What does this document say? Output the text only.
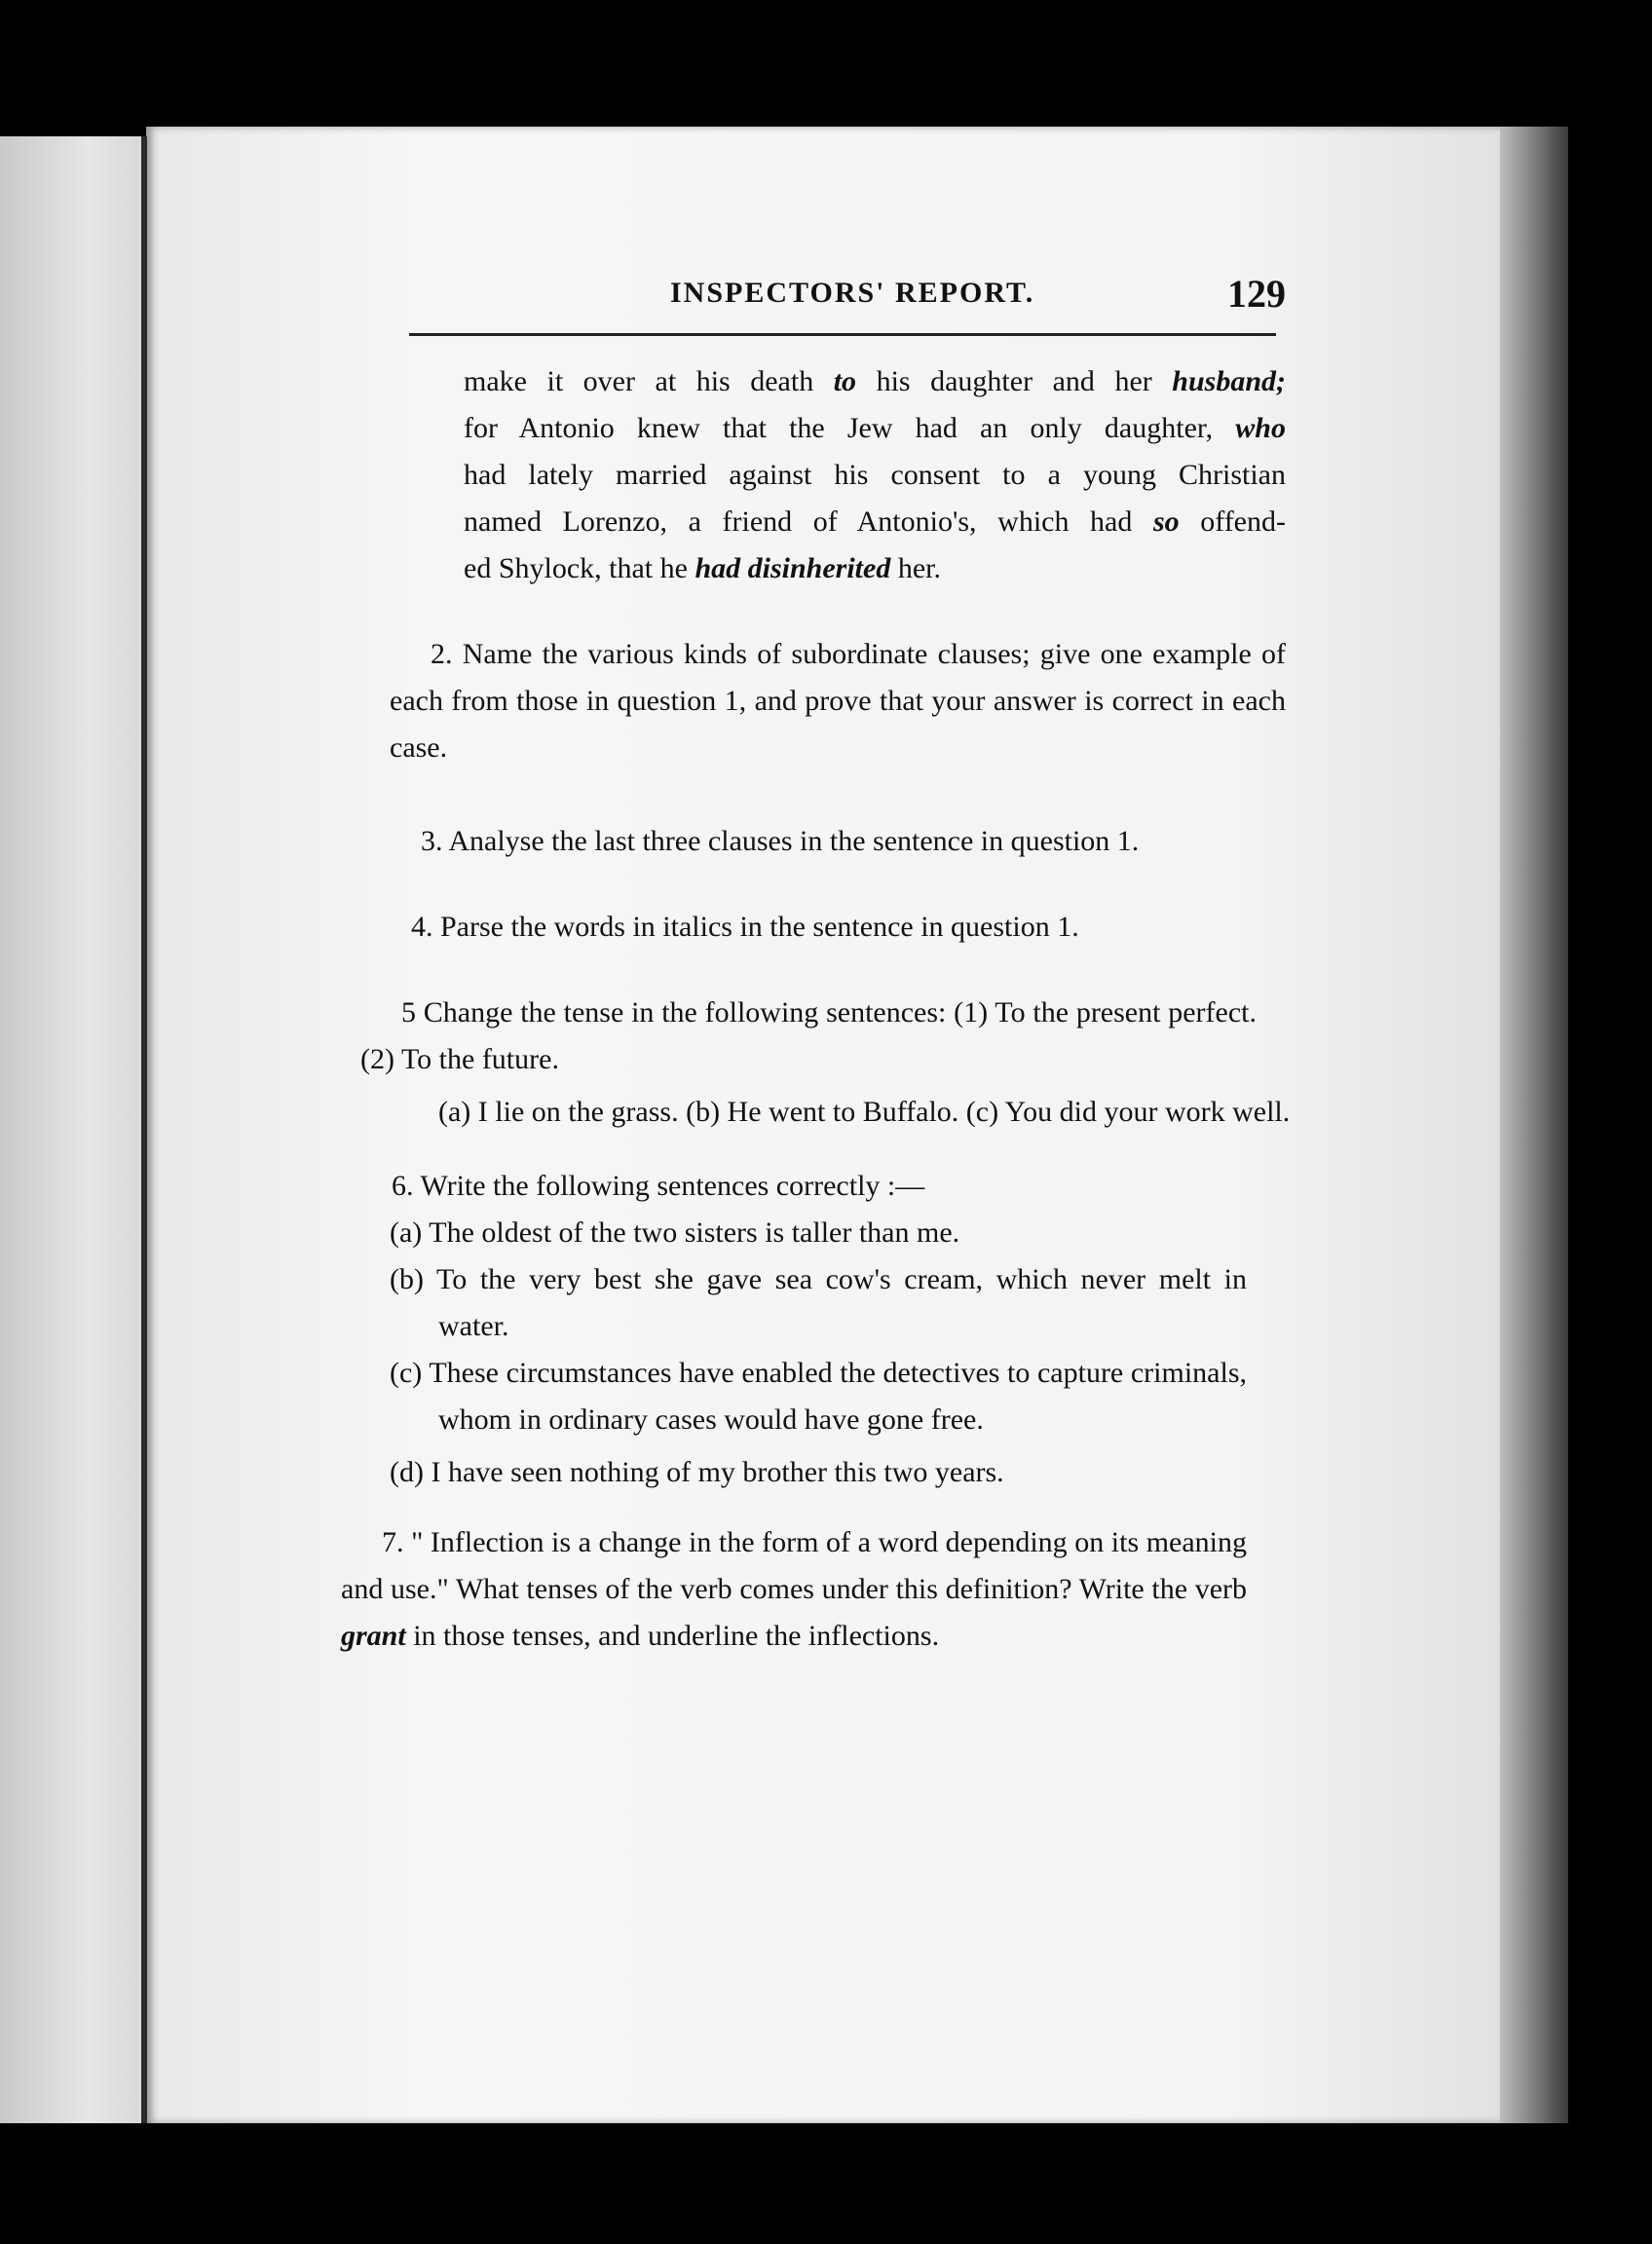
INSPECTORS' REPORT.	129

make it over at his death to his daughter and her husband;

for Antonio knew that the Jew had an only daughter, who

had lately married against his consent to a young Christian

named Lorenzo, a friend of Antonio's, which had so offend-

ed Shylock, that he had disinherited her.

2. Name the various kinds of subordinate clauses; give one example of each from those in question 1, and prove that your answer is correct in each case.

3. Analyse the last three clauses in the sentence in question 1.

4. Parse the words in italics in the sentence in question 1.

5 Change the tense in the following sentences: (1) To the present perfect. (2) To the future.

(a) I lie on the grass. (b) He went to Buffalo. (c) You did your work well.

6. Write the following sentences correctly :—

(a) The oldest of the two sisters is taller than me.

(b) To the very best she gave sea cow's cream, which never melt in water.

(c) These circumstances have enabled the detectives to capture criminals, whom in ordinary cases would have gone free.

(d) I have seen nothing of my brother this two years.

7. " Inflection is a change in the form of a word depending on its meaning and use." What tenses of the verb comes under this definition? Write the verb grant in those tenses, and underline the inflections.
